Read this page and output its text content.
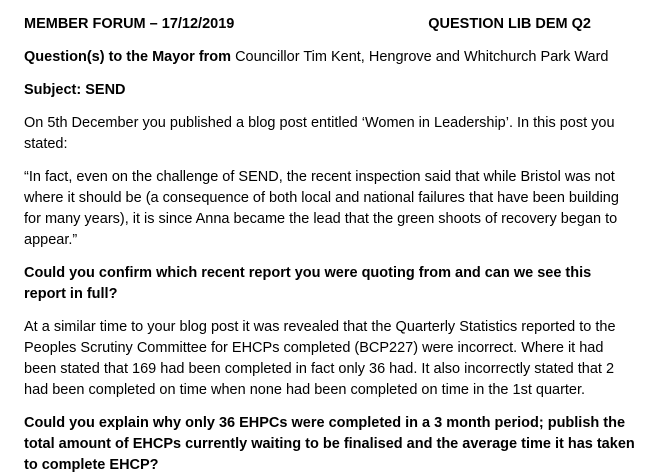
MEMBER FORUM – 17/12/2019	QUESTION LIB DEM Q2

Question(s) to the Mayor from Councillor Tim Kent, Hengrove and Whitchurch Park Ward

Subject: SEND

On 5th December you published a blog post entitled ‘Women in Leadership’. In this post you stated:

“In fact, even on the challenge of SEND, the recent inspection said that while Bristol was not where it should be (a consequence of both local and national failures that have been building for many years), it is since Anna became the lead that the green shoots of recovery began to appear.”

Could you confirm which recent report you were quoting from and can we see this report in full?

At a similar time to your blog post it was revealed that the Quarterly Statistics reported to the Peoples Scrutiny Committee for EHCPs completed (BCP227) were incorrect. Where it had been stated that 169 had been completed in fact only 36 had. It also incorrectly stated that 2 had been completed on time when none had been completed on time in the 1st quarter.

Could you explain why only 36 EHPCs were completed in a 3 month period; publish the total amount of EHCPs currently waiting to be finalised and the average time it has taken to complete EHCP?
